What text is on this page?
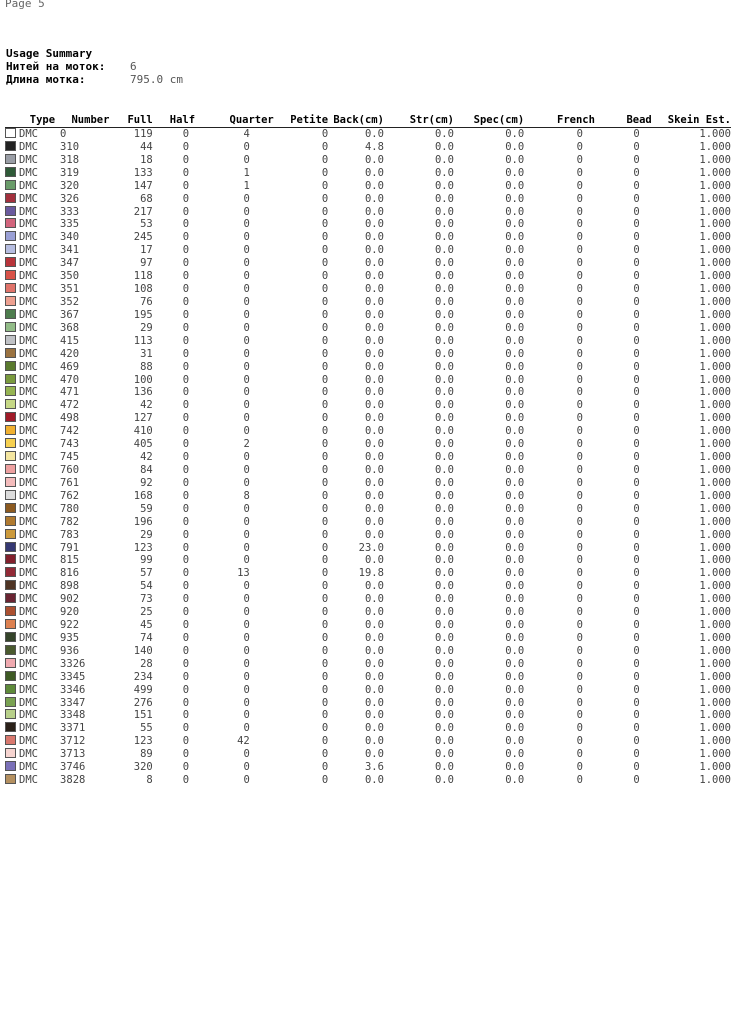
Page 5
Usage Summary
Нитей на моток: 6
Длина мотка:	795.0 cm
Type	Number	Full	Half	Quarter	Petite	Back(cm)	Str(cm)	Spec(cm)	French	Bead	Skein Est.
DMC	0	119	0	4	0	0.0	0.0	0.0	0	0	1.000
DMC	310	44	0	0	0	4.8	0.0	0.0	0	0	1.000
DMC	318	18	0	0	0	0.0	0.0	0.0	0	0	1.000
DMC	319	133	0	1	0	0.0	0.0	0.0	0	0	1.000
DMC	320	147	0	1	0	0.0	0.0	0.0	0	0	1.000
DMC	326	68	0	0	0	0.0	0.0	0.0	0	0	1.000
DMC	333	217	0	0	0	0.0	0.0	0.0	0	0	1.000
DMC	335	53	0	0	0	0.0	0.0	0.0	0	0	1.000
DMC	340	245	0	0	0	0.0	0.0	0.0	0	0	1.000
DMC	341	17	0	0	0	0.0	0.0	0.0	0	0	1.000
DMC	347	97	0	0	0	0.0	0.0	0.0	0	0	1.000
DMC	350	118	0	0	0	0.0	0.0	0.0	0	0	1.000
DMC	351	108	0	0	0	0.0	0.0	0.0	0	0	1.000
DMC	352	76	0	0	0	0.0	0.0	0.0	0	0	1.000
DMC	367	195	0	0	0	0.0	0.0	0.0	0	0	1.000
DMC	368	29	0	0	0	0.0	0.0	0.0	0	0	1.000
DMC	415	113	0	0	0	0.0	0.0	0.0	0	0	1.000
DMC	420	31	0	0	0	0.0	0.0	0.0	0	0	1.000
DMC	469	88	0	0	0	0.0	0.0	0.0	0	0	1.000
DMC	470	100	0	0	0	0.0	0.0	0.0	0	0	1.000
DMC	471	136	0	0	0	0.0	0.0	0.0	0	0	1.000
DMC	472	42	0	0	0	0.0	0.0	0.0	0	0	1.000
DMC	498	127	0	0	0	0.0	0.0	0.0	0	0	1.000
DMC	742	410	0	0	0	0.0	0.0	0.0	0	0	1.000
DMC	743	405	0	2	0	0.0	0.0	0.0	0	0	1.000
DMC	745	42	0	0	0	0.0	0.0	0.0	0	0	1.000
DMC	760	84	0	0	0	0.0	0.0	0.0	0	0	1.000
DMC	761	92	0	0	0	0.0	0.0	0.0	0	0	1.000
DMC	762	168	0	8	0	0.0	0.0	0.0	0	0	1.000
DMC	780	59	0	0	0	0.0	0.0	0.0	0	0	1.000
DMC	782	196	0	0	0	0.0	0.0	0.0	0	0	1.000
DMC	783	29	0	0	0	0.0	0.0	0.0	0	0	1.000
DMC	791	123	0	0	0	23.0	0.0	0.0	0	0	1.000
DMC	815	99	0	0	0	0.0	0.0	0.0	0	0	1.000
DMC	816	57	0	13	0	19.8	0.0	0.0	0	0	1.000
DMC	898	54	0	0	0	0.0	0.0	0.0	0	0	1.000
DMC	902	73	0	0	0	0.0	0.0	0.0	0	0	1.000
DMC	920	25	0	0	0	0.0	0.0	0.0	0	0	1.000
DMC	922	45	0	0	0	0.0	0.0	0.0	0	0	1.000
DMC	935	74	0	0	0	0.0	0.0	0.0	0	0	1.000
DMC	936	140	0	0	0	0.0	0.0	0.0	0	0	1.000
DMC	3326	28	0	0	0	0.0	0.0	0.0	0	0	1.000
DMC	3345	234	0	0	0	0.0	0.0	0.0	0	0	1.000
DMC	3346	499	0	0	0	0.0	0.0	0.0	0	0	1.000
DMC	3347	276	0	0	0	0.0	0.0	0.0	0	0	1.000
DMC	3348	151	0	0	0	0.0	0.0	0.0	0	0	1.000
DMC	3371	55	0	0	0	0.0	0.0	0.0	0	0	1.000
DMC	3712	123	0	42	0	0.0	0.0	0.0	0	0	1.000
DMC	3713	89	0	0	0	0.0	0.0	0.0	0	0	1.000
DMC	3746	320	0	0	0	3.6	0.0	0.0	0	0	1.000
DMC	3828	8	0	0	0	0.0	0.0	0.0	0	0	1.000
